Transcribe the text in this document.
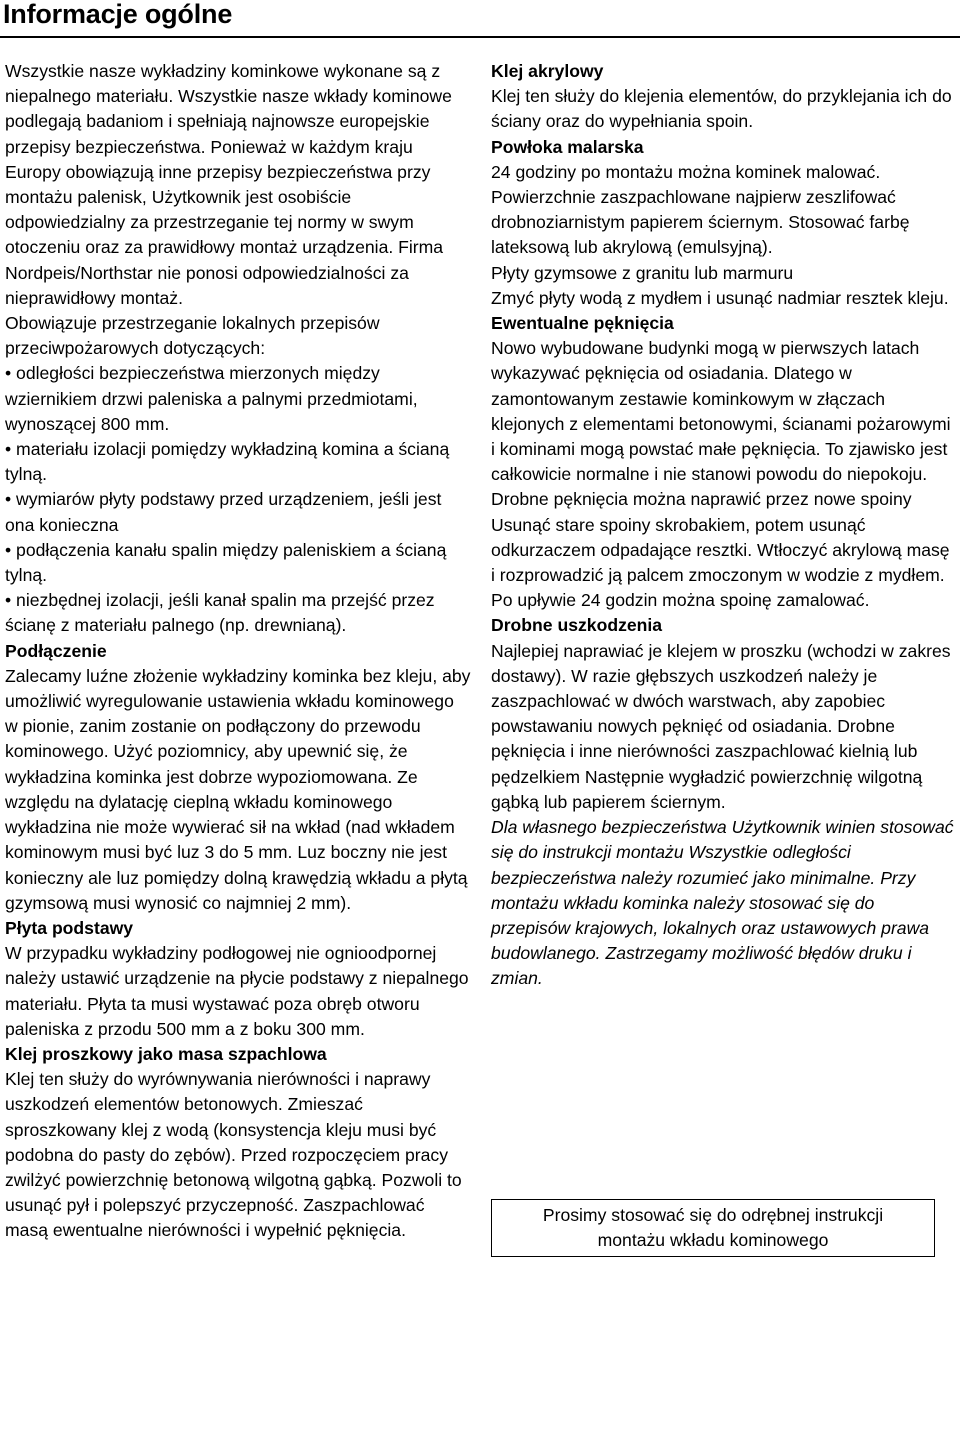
Informacje ogólne

Wszystkie nasze wykładziny kominkowe wykonane są z niepalnego materiału. Wszystkie nasze wkłady kominowe podlegają badaniom i spełniają najnowsze europejskie przepisy bezpieczeństwa. Ponieważ w każdym kraju Europy obowiązują inne przepisy bezpieczeństwa przy montażu palenisk, Użytkownik jest osobiście odpowiedzialny za przestrzeganie tej normy w swym otoczeniu oraz za prawidłowy montaż urządzenia. Firma Nordpeis/Northstar nie ponosi odpowiedzialności za nieprawidłowy montaż.

Obowiązuje przestrzeganie lokalnych przepisów przeciwpożarowych dotyczących:

• odległości bezpieczeństwa mierzonych między wziernikiem drzwi paleniska a palnymi przedmiotami, wynoszącej 800 mm.

• materiału izolacji pomiędzy wykładziną komina a ścianą tylną.

• wymiarów płyty podstawy przed urządzeniem, jeśli jest ona konieczna

• podłączenia kanału spalin między paleniskiem a ścianą tylną.

• niezbędnej izolacji, jeśli kanał spalin ma przejść przez ścianę z materiału palnego (np. drewnianą).

Podłączenie

Zalecamy luźne złożenie wykładziny kominka bez kleju, aby umożliwić wyregulowanie ustawienia wkładu kominowego w pionie, zanim zostanie on podłączony do przewodu kominowego. Użyć poziomnicy, aby upewnić się, że wykładzina kominka jest dobrze wypoziomowana. Ze względu na dylatację cieplną wkładu kominowego wykładzina nie może wywierać sił na wkład (nad wkładem kominowym musi być luz 3 do 5 mm. Luz boczny nie jest konieczny ale luz pomiędzy dolną krawędzią wkładu a płytą gzymsową musi wynosić co najmniej 2 mm).

Płyta podstawy

W przypadku wykładziny podłogowej nie ognioodpornej należy ustawić urządzenie na płycie podstawy z niepalnego materiału. Płyta ta musi wystawać poza obręb otworu paleniska z przodu 500 mm a z boku 300 mm.

Klej proszkowy jako masa szpachlowa

Klej ten służy do wyrównywania nierówności i naprawy uszkodzeń elementów betonowych. Zmieszać sproszkowany klej z wodą (konsystencja kleju musi być podobna do pasty do zębów). Przed rozpoczęciem pracy zwilżyć powierzchnię betonową wilgotną gąbką. Pozwoli to usunąć pył i polepszyć przyczepność. Zaszpachlować masą ewentualne nierówności i wypełnić pęknięcia.

Klej akrylowy

Klej ten służy do klejenia elementów, do przyklejania ich do ściany oraz do wypełniania spoin.

Powłoka malarska

24 godziny po montażu można kominek malować. Powierzchnie zaszpachlowane najpierw zeszlifować drobnoziarnistym papierem ściernym. Stosować farbę lateksową lub akrylową (emulsyjną).

Płyty gzymsowe z granitu lub marmuru

Zmyć płyty wodą z mydłem i usunąć nadmiar resztek kleju.

Ewentualne pęknięcia

Nowo wybudowane budynki mogą w pierwszych latach wykazywać pęknięcia od osiadania. Dlatego w zamontowanym zestawie kominkowym w złączach klejonych z elementami betonowymi, ścianami pożarowymi i kominami mogą powstać małe pęknięcia. To zjawisko jest całkowicie normalne i nie stanowi powodu do niepokoju. Drobne pęknięcia można naprawić przez nowe spoiny

Usunąć stare spoiny skrobakiem, potem usunąć odkurzaczem odpadające resztki. Wtłoczyć akrylową masę i rozprowadzić ją palcem zmoczonym w wodzie z mydłem. Po upływie 24 godzin można spoinę zamalować.

Drobne uszkodzenia

Najlepiej naprawiać je klejem w proszku (wchodzi w zakres dostawy). W razie głębszych uszkodzeń należy je zaszpachlować w dwóch warstwach, aby zapobiec powstawaniu nowych pęknięć od osiadania. Drobne pęknięcia i inne nierówności zaszpachlować kielnią lub pędzelkiem Następnie wygładzić powierzchnię wilgotną gąbką lub papierem ściernym.

Dla własnego bezpieczeństwa Użytkownik winien stosować się do instrukcji montażu Wszystkie odległości bezpieczeństwa należy rozumieć jako minimalne. Przy montażu wkładu kominka należy stosować się do przepisów krajowych, lokalnych oraz ustawowych prawa budowlanego. Zastrzegamy możliwość błędów druku i zmian.

Prosimy stosować się do odrębnej instrukcji

montażu wkładu kominowego
